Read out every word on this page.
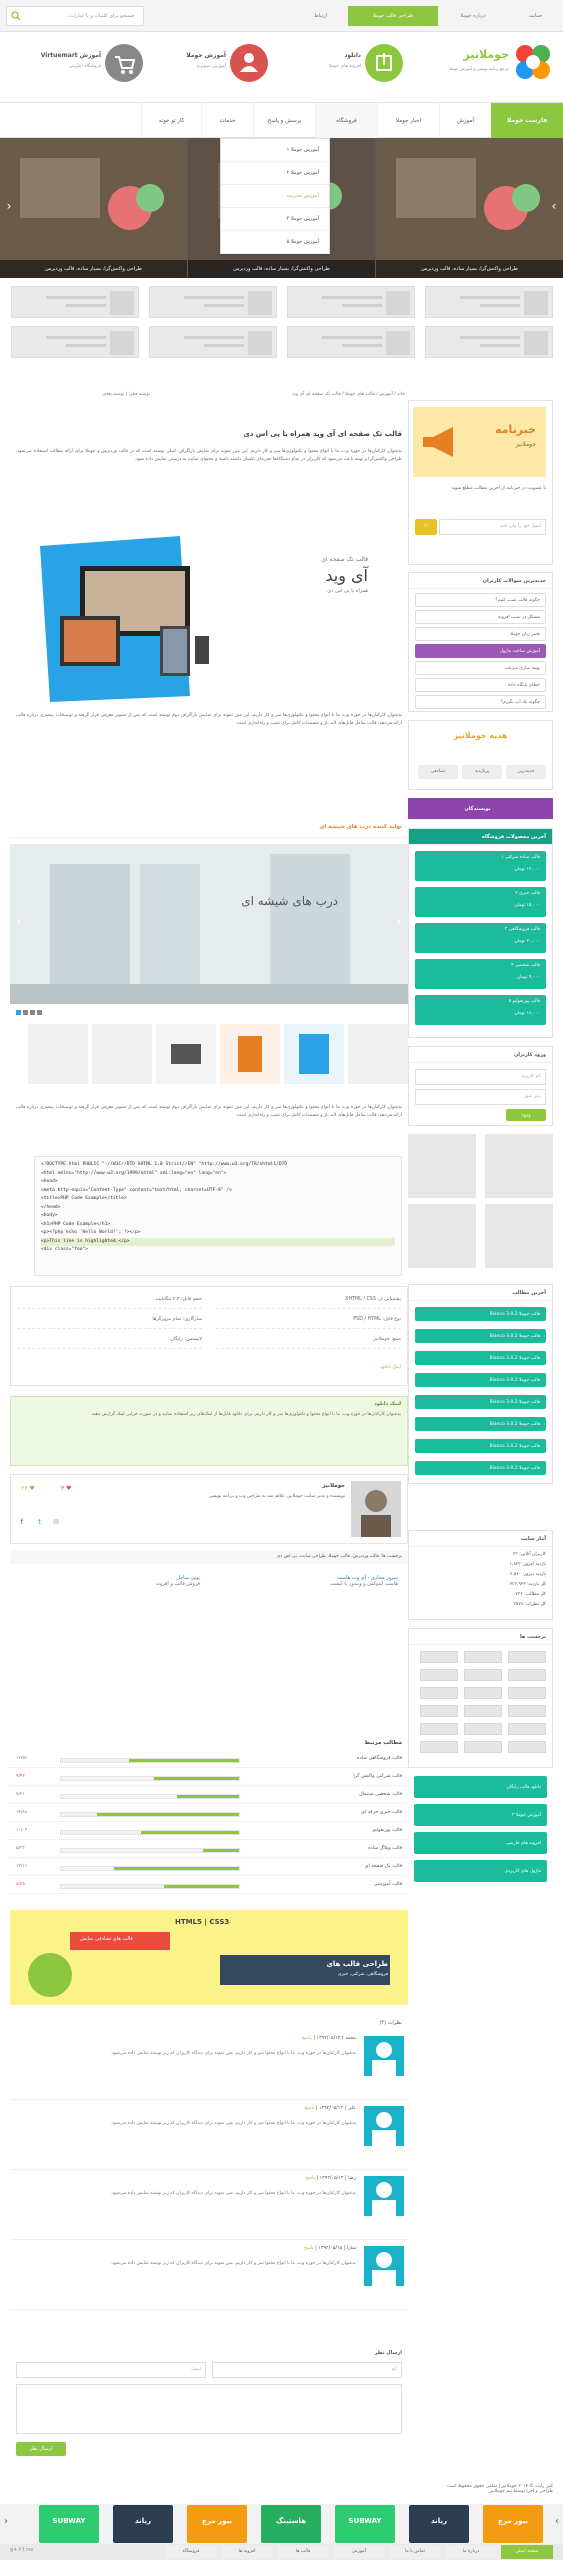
حمایت
درباره جوملا
طراحی قالب جوملا
ارتباط
جستجو برای کلمات و یا عبارات...
جوملانیز
مرجع برنامه نویسی و آموزش جوملا
دانلود
افزونه های جوملا
آموزش جوملا
آموزش تصویری
آموزش Virtuemart
فروشگاه اینترنتی
فارست جوملا
آموزش
اخبار جوملا
فروشگاه
پرسش و پاسخ
خدمات
کار تو خونه
طراحی واکنش‌گرا، بسیار ساده، قالب وردپرس
طراحی واکنش‌گرا، بسیار ساده، قالب وردپرس
طراحی واکنش‌گرا، بسیار ساده، قالب وردپرس
›
‹
آموزش جوملا ۱
آموزش جوملا ۲
آموزش مدیریت
آموزش جوملا ۴
آموزش جوملا ۵
خانه / آموزش / قالب های جوملا / قالب تک صفحه ای آی وید
نوشته قبلی | نوشته بعدی
قالب تک صفحه ای آی وید همراه با پی اس دی
به‌عنوان کارکنان‌ها در حوزه وب، ما با انواع محتوا و تکنولوژی‌ها سر و کار داریم. این متن نمونه برای نمایش پاراگراف اصلی نوشته است که در قالب وردپرس و جوملا برای ارائه مطالب استفاده می‌شود. طراحی واکنش‌گرا و بهینه باعث می‌شود که کاربران در تمام دستگاه‌ها تجربه‌ای یکسان داشته باشند و محتوای سایت به درستی نمایش داده شود.
قالب تک صفحه ای
آی وید
همراه با پی اس دی
به‌عنوان کارکنان‌ها در حوزه وب، ما با انواع محتوا و تکنولوژی‌ها سر و کار داریم. این متن نمونه برای نمایش پاراگراف دوم نوشته است که پس از تصویر معرفی قرار گرفته و توضیحات بیشتری درباره قالب ارائه می‌دهد. قالب شامل فایل‌های لایه باز و مستندات کامل برای نصب و راه‌اندازی است.
تولید کننده درب های شیشه ای
درب های شیشه ای
‹	›
به‌عنوان کارکنان‌ها در حوزه وب، ما با انواع محتوا و تکنولوژی‌ها سر و کار داریم. این متن نمونه برای نمایش پاراگراف دوم نوشته است که پس از تصویر معرفی قرار گرفته و توضیحات بیشتری درباره قالب ارائه می‌دهد. قالب شامل فایل‌های لایه باز و مستندات کامل برای نصب و راه‌اندازی است.
<!DOCTYPE html PUBLIC "-//W3C//DTD XHTML 1.0 Strict//EN" "http://www.w3.org/TR/xhtml1/DTD
<html xmlns="http://www.w3.org/1999/xhtml" xml:lang="en" lang="en">
<head>
<meta http-equiv="Content-Type" content="text/html; charset=UTF-8" />
<title>PHP Code Example</title>
</head>
<body>
<h1>PHP Code Example</h1>
<p><?php echo 'Hello World!'; ?></p>
<p>This line is highlighted.</p>
<div class="foo">
پشتیبانی از: XHTML / CSS
حجم فایل: ۲.۳ مگابایت
نوع فایل: PSD / HTML
سازگاری: تمام مرورگرها
منبع: جوملانیز
لایسنس: رایگان
لینک دانلود
لینک دانلود
به‌عنوان کارکنان‌ها در حوزه وب، ما با انواع محتوا و تکنولوژی‌ها سر و کار داریم. برای دانلود فایل‌ها از لینک‌های زیر استفاده نمایید و در صورت خرابی لینک گزارش دهید.
جوملانیز
نویسنده و مدیر سایت جوملانیز، علاقه مند به طراحی وب و برنامه نویسی.
♥ ۳
♥ ۲۶
f t ✉
برچسب ها: قالب وردپرس، قالب جوملا، طراحی سایت، پی اس دی
سرور مجازی - آی وب هاست
هاست لینوکس و ویندوز با کیفیت
بوتی ساحل
فروش قالب و افزونه
مطالب مرتبط
قالب فروشگاهی ساده
۱۲/۵۶
قالب شرکتی واکنش گرا
۹/۴۲
قالب شخصی مینیمال
۷/۲۱
قالب خبری حرفه ای
۱۴/۸۸
قالب پورتفولیو
۱۰/۰۳
قالب وبلاگ ساده
۵/۳۳
قالب تک صفحه ای
۱۳/۱۱
قالب آموزشی
۸/۲۵
طراحی قالب های
فروشگاهی، شرکتی، خبری
HTML5 | CSS3
قالب های تصادفی نمایش
نظرات (۴)
محمد | ۱۳۹۲/۰۵/۱۲ | پاسخ
به‌عنوان کارکنان‌ها در حوزه وب، ما با انواع محتوا سر و کار داریم. متن نمونه برای دیدگاه کاربران که زیر نوشته نمایش داده می‌شود.
علی | ۱۳۹۲/۰۵/۱۳ | پاسخ
به‌عنوان کارکنان‌ها در حوزه وب، ما با انواع محتوا سر و کار داریم. متن نمونه برای دیدگاه کاربران که زیر نوشته نمایش داده می‌شود.
رضا | ۱۳۹۲/۰۵/۱۴ | پاسخ
به‌عنوان کارکنان‌ها در حوزه وب، ما با انواع محتوا سر و کار داریم. متن نمونه برای دیدگاه کاربران که زیر نوشته نمایش داده می‌شود.
سارا | ۱۳۹۲/۰۵/۱۵ | پاسخ
به‌عنوان کارکنان‌ها در حوزه وب، ما با انواع محتوا سر و کار داریم. متن نمونه برای دیدگاه کاربران که زیر نوشته نمایش داده می‌شود.
ارسال نظر
نام
ایمیل
ارسال نظر
خبرنامه
جوملانیز
با عضویت در خبرنامه از آخرین مطالب مطلع شوید
ایمیل خود را وارد کنید
✓
جدیدترین سوالات کاربران
چگونه قالب نصب کنیم؟
مشکل در نصب افزونه
تغییر زبان جوملا
آموزش ساخت ماژول
بهینه سازی سرعت
خطای پایگاه داده
چگونه بک آپ بگیرم؟
هدیه جوملانیز
جدیدترین
پربازدید
تصادفی
نویسندگان
آخرین محصولات فروشگاه
قالب ساده شرکتی ۱
۱۲,۰۰۰ تومان
قالب خبری ۲
۱۵,۰۰۰ تومان
قالب فروشگاهی ۳
۲۰,۰۰۰ تومان
قالب شخصی ۴
۹,۰۰۰ تومان
قالب پورتفولیو ۵
۱۸,۰۰۰ تومان
ورود کاربران
نام کاربری
رمز عبور
ورود
آخرین مطالب
قالب جوملا Bianco 3.0.2
قالب جوملا Bianco 3.0.2
قالب جوملا Bianco 3.0.2
قالب جوملا Bianco 3.0.2
قالب جوملا Bianco 3.0.2
قالب جوملا Bianco 3.0.2
قالب جوملا Bianco 3.0.2
قالب جوملا Bianco 3.0.2
آمار سایت
کاربران آنلاین: ۲۳
بازدید امروز: ۱,۸۲۳
بازدید دیروز: ۲,۵۶۰
کل بازدید: ۲۳۶,۹۲۲
کل مطالب: ۲۳۶
کل نظرات: ۲۵۷۸
برچسب ها
دانلود قالب رایگان
آموزش جوملا ۳
افزونه های فارسی
ماژول های کاربردی
کپی رایت © ۲۰۱۴ جوملانیز | تمامی حقوق محفوظ است
طراحی و اجرا توسط تیم جوملانیز
بیور مرچ
ریاند
SUBWAY
هاستینگ
بیور مرچ
ریاند
SUBWAY	›
‹
صفحه اصلی
درباره ما
تماس با ما
آموزش
قالب ها
افزونه ها
فروشگاه
g+ f t rss
